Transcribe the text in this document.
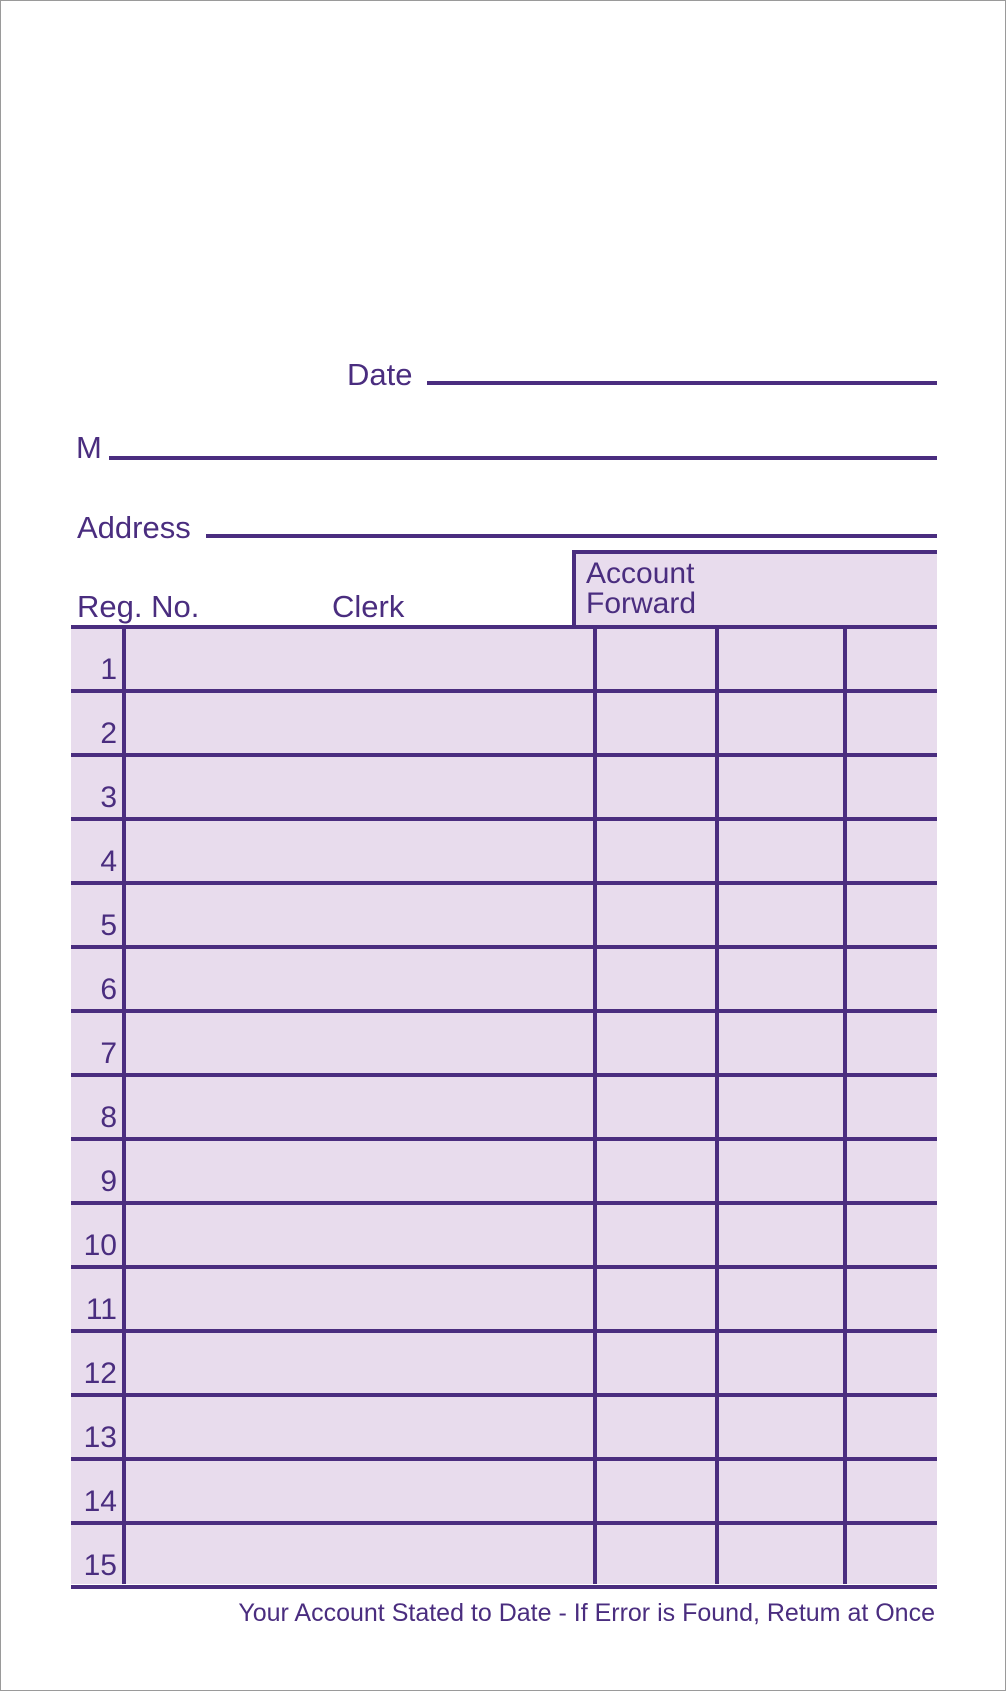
Date
M
Address
Reg. No.	Clerk
Account
Forward
1
2
3
4
5
6
7
8
9
10
11
12
13
14
15
Your Account Stated to Date - If Error is Found, Retum at Once
